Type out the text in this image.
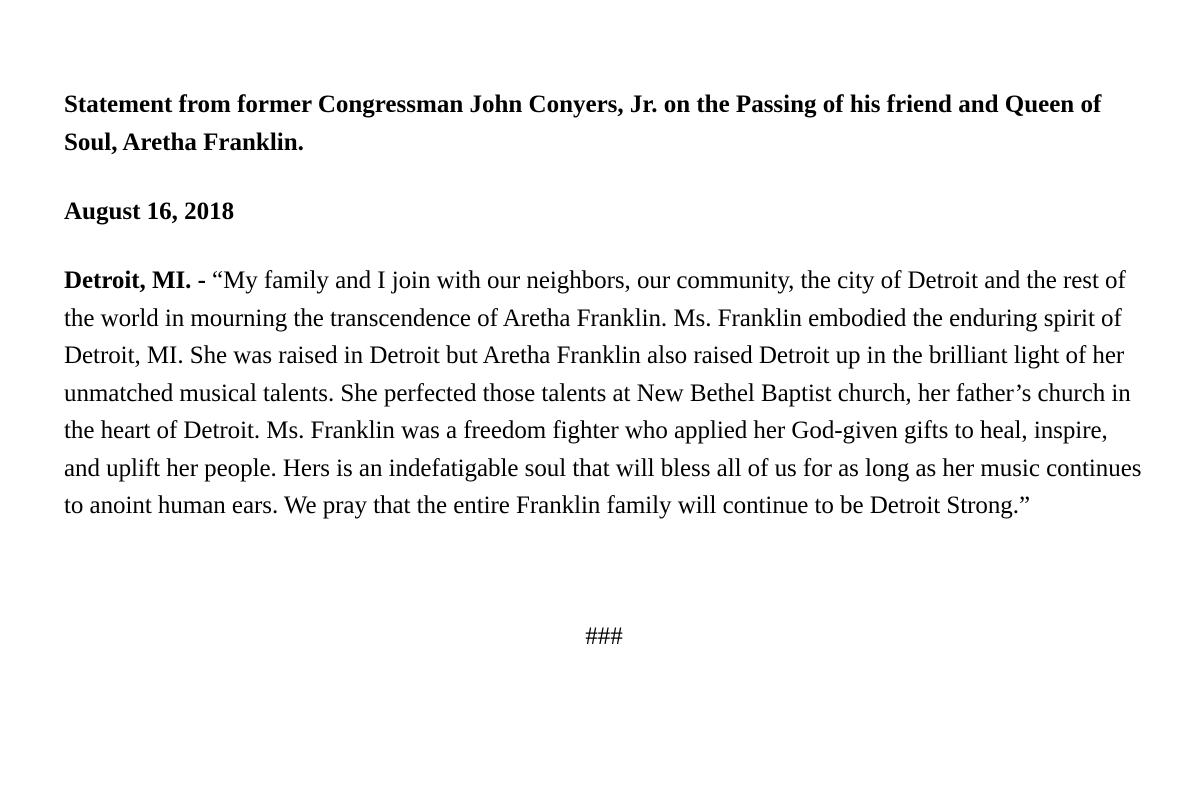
Statement from former Congressman John Conyers, Jr. on the Passing of his friend and Queen of Soul, Aretha Franklin.

August 16, 2018

Detroit, MI. - “My family and I join with our neighbors, our community, the city of Detroit and the rest of the world in mourning the transcendence of Aretha Franklin. Ms. Franklin embodied the enduring spirit of Detroit, MI. She was raised in Detroit but Aretha Franklin also raised Detroit up in the brilliant light of her unmatched musical talents. She perfected those talents at New Bethel Baptist church, her father’s church in the heart of Detroit. Ms. Franklin was a freedom fighter who applied her God-given gifts to heal, inspire, and uplift her people. Hers is an indefatigable soul that will bless all of us for as long as her music continues to anoint human ears. We pray that the entire Franklin family will continue to be Detroit Strong.”

###
